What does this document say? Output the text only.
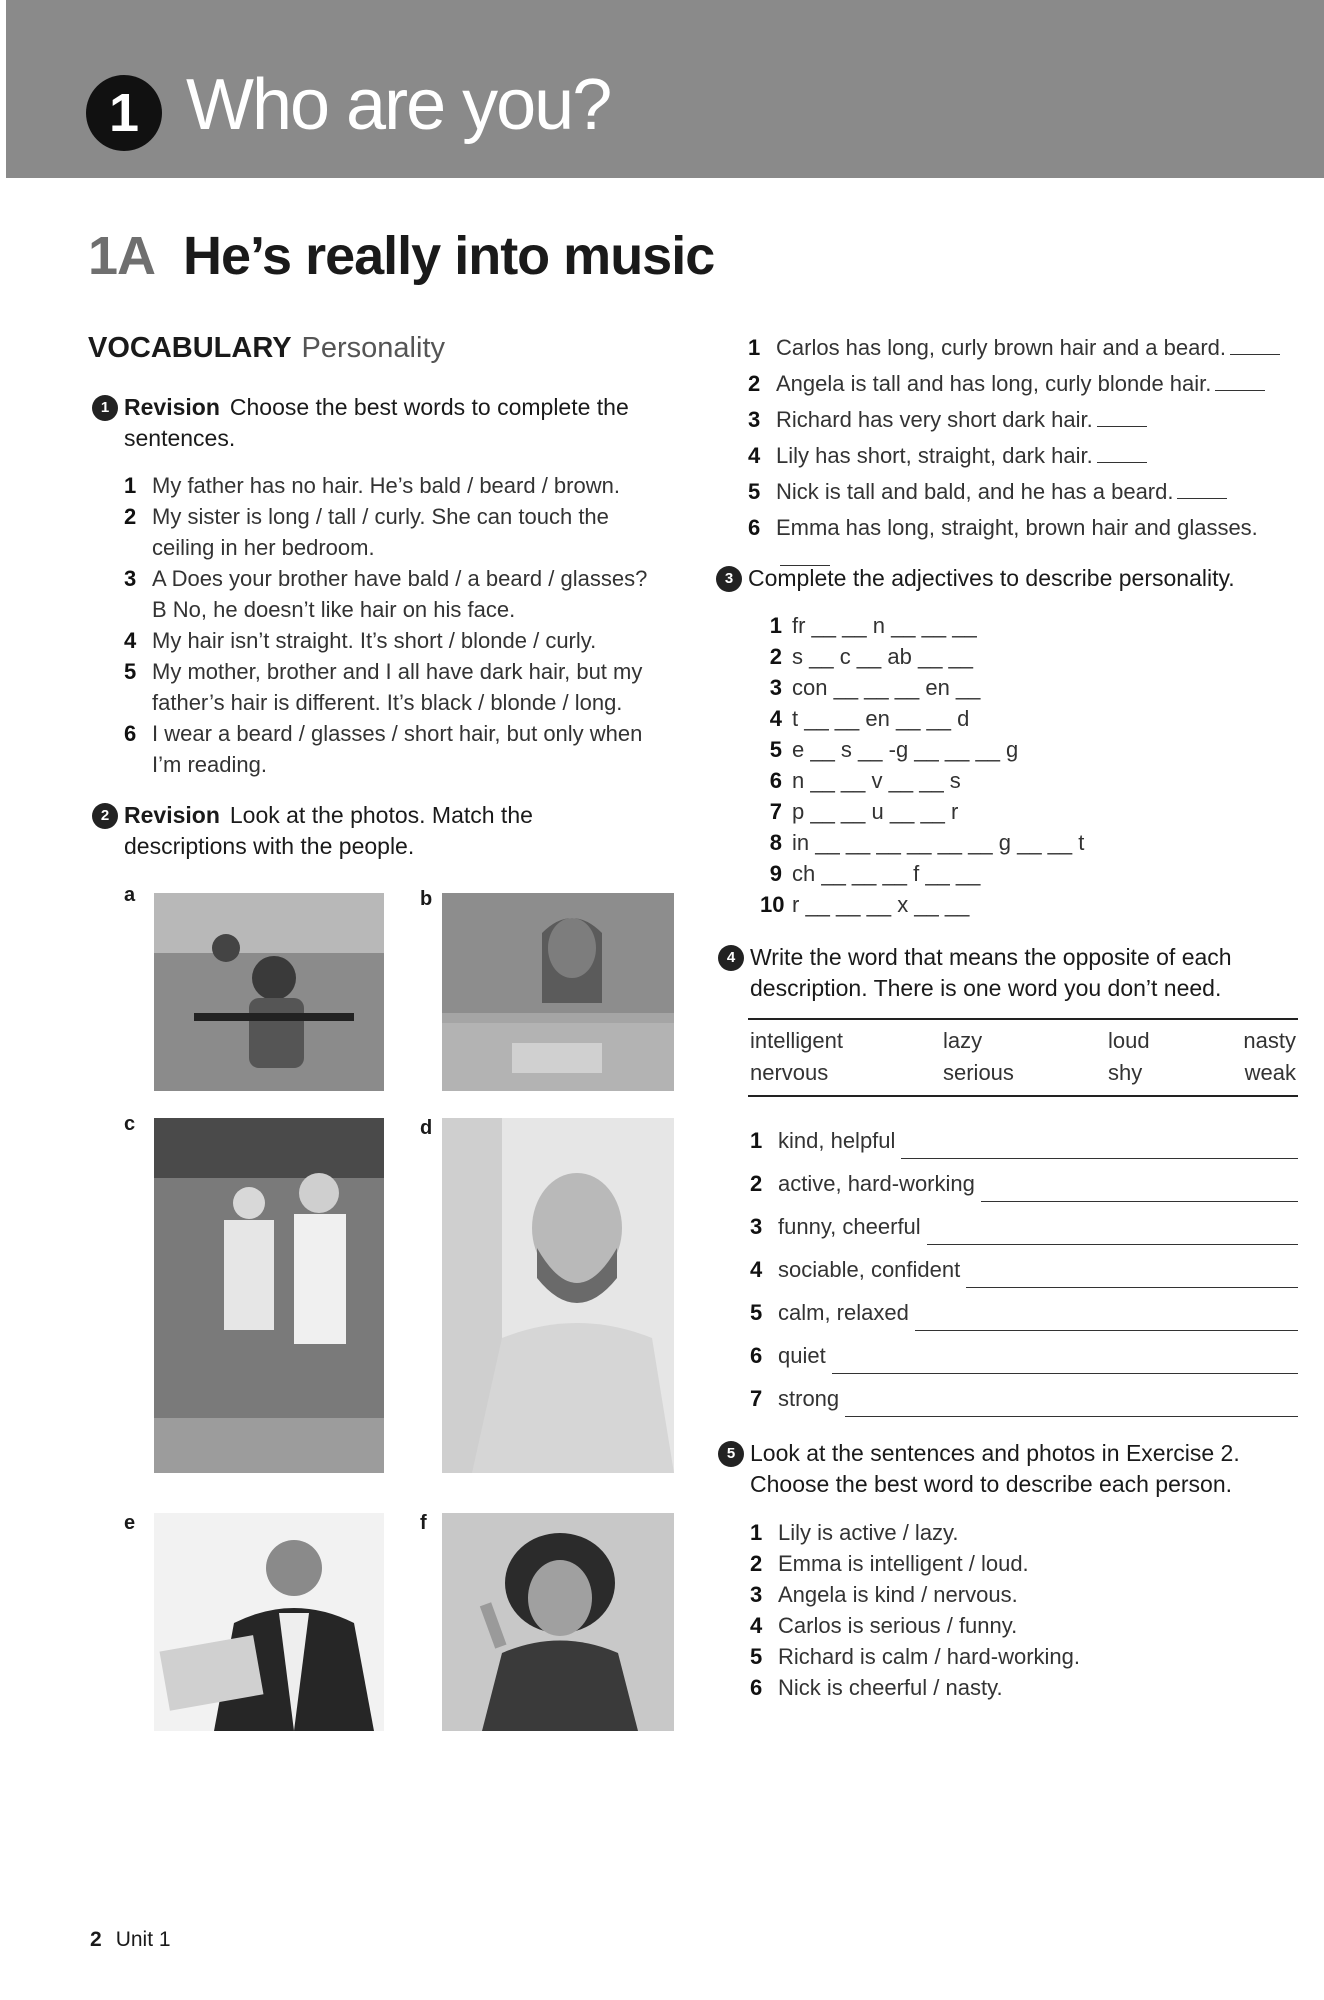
1 Who are you?
1A He’s really into music
VOCABULARY Personality
1 Revision Choose the best words to complete the sentences.
1 My father has no hair. He’s bald / beard / brown.
2 My sister is long / tall / curly. She can touch the ceiling in her bedroom.
3 A Does your brother have bald / a beard / glasses? B No, he doesn’t like hair on his face.
4 My hair isn’t straight. It’s short / blonde / curly.
5 My mother, brother and I all have dark hair, but my father’s hair is different. It’s black / blonde / long.
6 I wear a beard / glasses / short hair, but only when I’m reading.
2 Revision Look at the photos. Match the descriptions with the people.
a	b
c	d
e	f
1 Carlos has long, curly brown hair and a beard.
2 Angela is tall and has long, curly blonde hair.
3 Richard has very short dark hair.
4 Lily has short, straight, dark hair.
5 Nick is tall and bald, and he has a beard.
6 Emma has long, straight, brown hair and glasses.
3 Complete the adjectives to describe personality.
1 fr __ __ n __ __ __
2 s __ c __ ab __ __
3 con __ __ __ en __
4 t __ __ en __ __ d
5 e __ s __ -g __ __ __ g
6 n __ __ v __ __ s
7 p __ __ u __ __ r
8 in __ __ __ __ __ __ g __ __ t
9 ch __ __ __ f __ __
10 r __ __ __ x __ __
4 Write the word that means the opposite of each description. There is one word you don’t need.
intelligent	lazy	loud	nasty
nervous	serious	shy	weak
1 kind, helpful
2 active, hard-working
3 funny, cheerful
4 sociable, confident
5 calm, relaxed
6 quiet
7 strong
5 Look at the sentences and photos in Exercise 2. Choose the best word to describe each person.
1 Lily is active / lazy.
2 Emma is intelligent / loud.
3 Angela is kind / nervous.
4 Carlos is serious / funny.
5 Richard is calm / hard-working.
6 Nick is cheerful / nasty.
2 Unit 1
